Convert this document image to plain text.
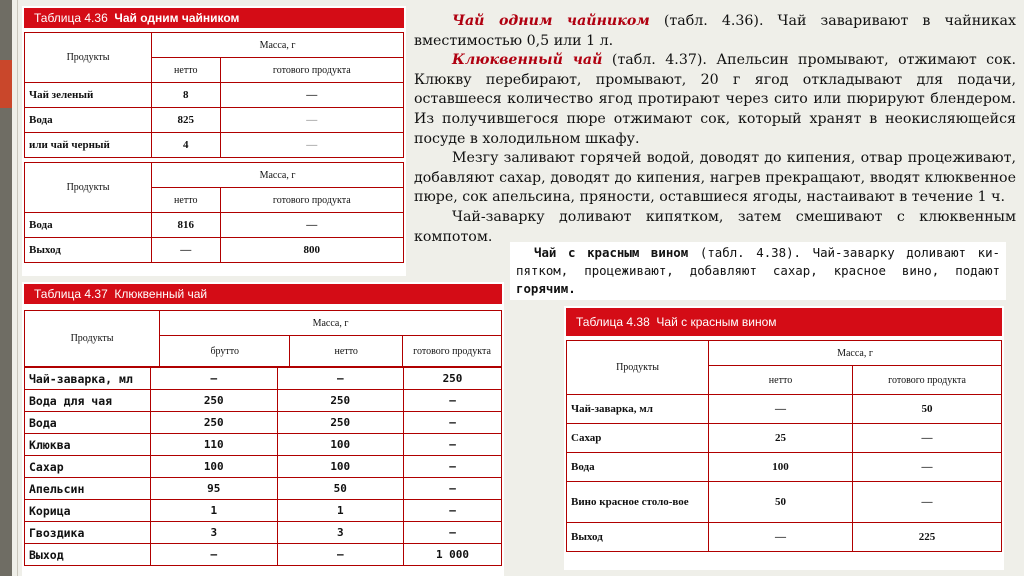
Таблица 4.36 Чай одним чайником
Продукты	Масса, г	
	нетто	готового продукта
Чай зеленый	8	—
Вода	825	—
или чай черный	4	—
Продукты	Масса, г	
	нетто	готового продукта
Вода	816	—
Выход	—	800
Таблица 4.37 Клюквенный чай
Продукты	Масса, г		
	брутто	нетто	готового продукта
Чай-заварка, мл	—	—	250
Вода для чая	250	250	—
Вода	250	250	—
Клюква	110	100	—
Сахар	100	100	—
Апельсин	95	50	—
Корица	1	1	—
Гвоздика	3	3	—
Выход	—	—	1 000

Чай одним чайником (табл. 4.36). Чай заваривают в чайниках вместимостью 0,5 или 1 л.

Клюквенный чай (табл. 4.37). Апельсин промывают, отжимают сок. Клюкву перебирают, промывают, 20 г ягод откладывают для подачи, оставшееся количество ягод протирают через сито или пюрируют блендером. Из получившегося пюре отжимают сок, который хранят в неокисляющейся посуде в холодильном шкафу.

Мезгу заливают горячей водой, доводят до кипения, отвар процеживают, добавляют сахар, доводят до кипения, нагрев прекращают, вводят клюквенное пюре, сок апельсина, пряности, оставшиеся ягоды, настаивают в течение 1 ч.

Чай-заварку доливают кипятком, затем смешивают с клюквенным компотом.

Чай с красным вином (табл. 4.38). Чай-заварку доливают ки-пятком, процеживают, добавляют сахар, красное вино, подают горячим.

Таблица 4.38 Чай с красным вином
Продукты	Масса, г	
	нетто	готового продукта
Чай-заварка, мл	—	50
Сахар	25	—
Вода	100	—
Вино красное столо-вое	50	—
Выход	—	225
